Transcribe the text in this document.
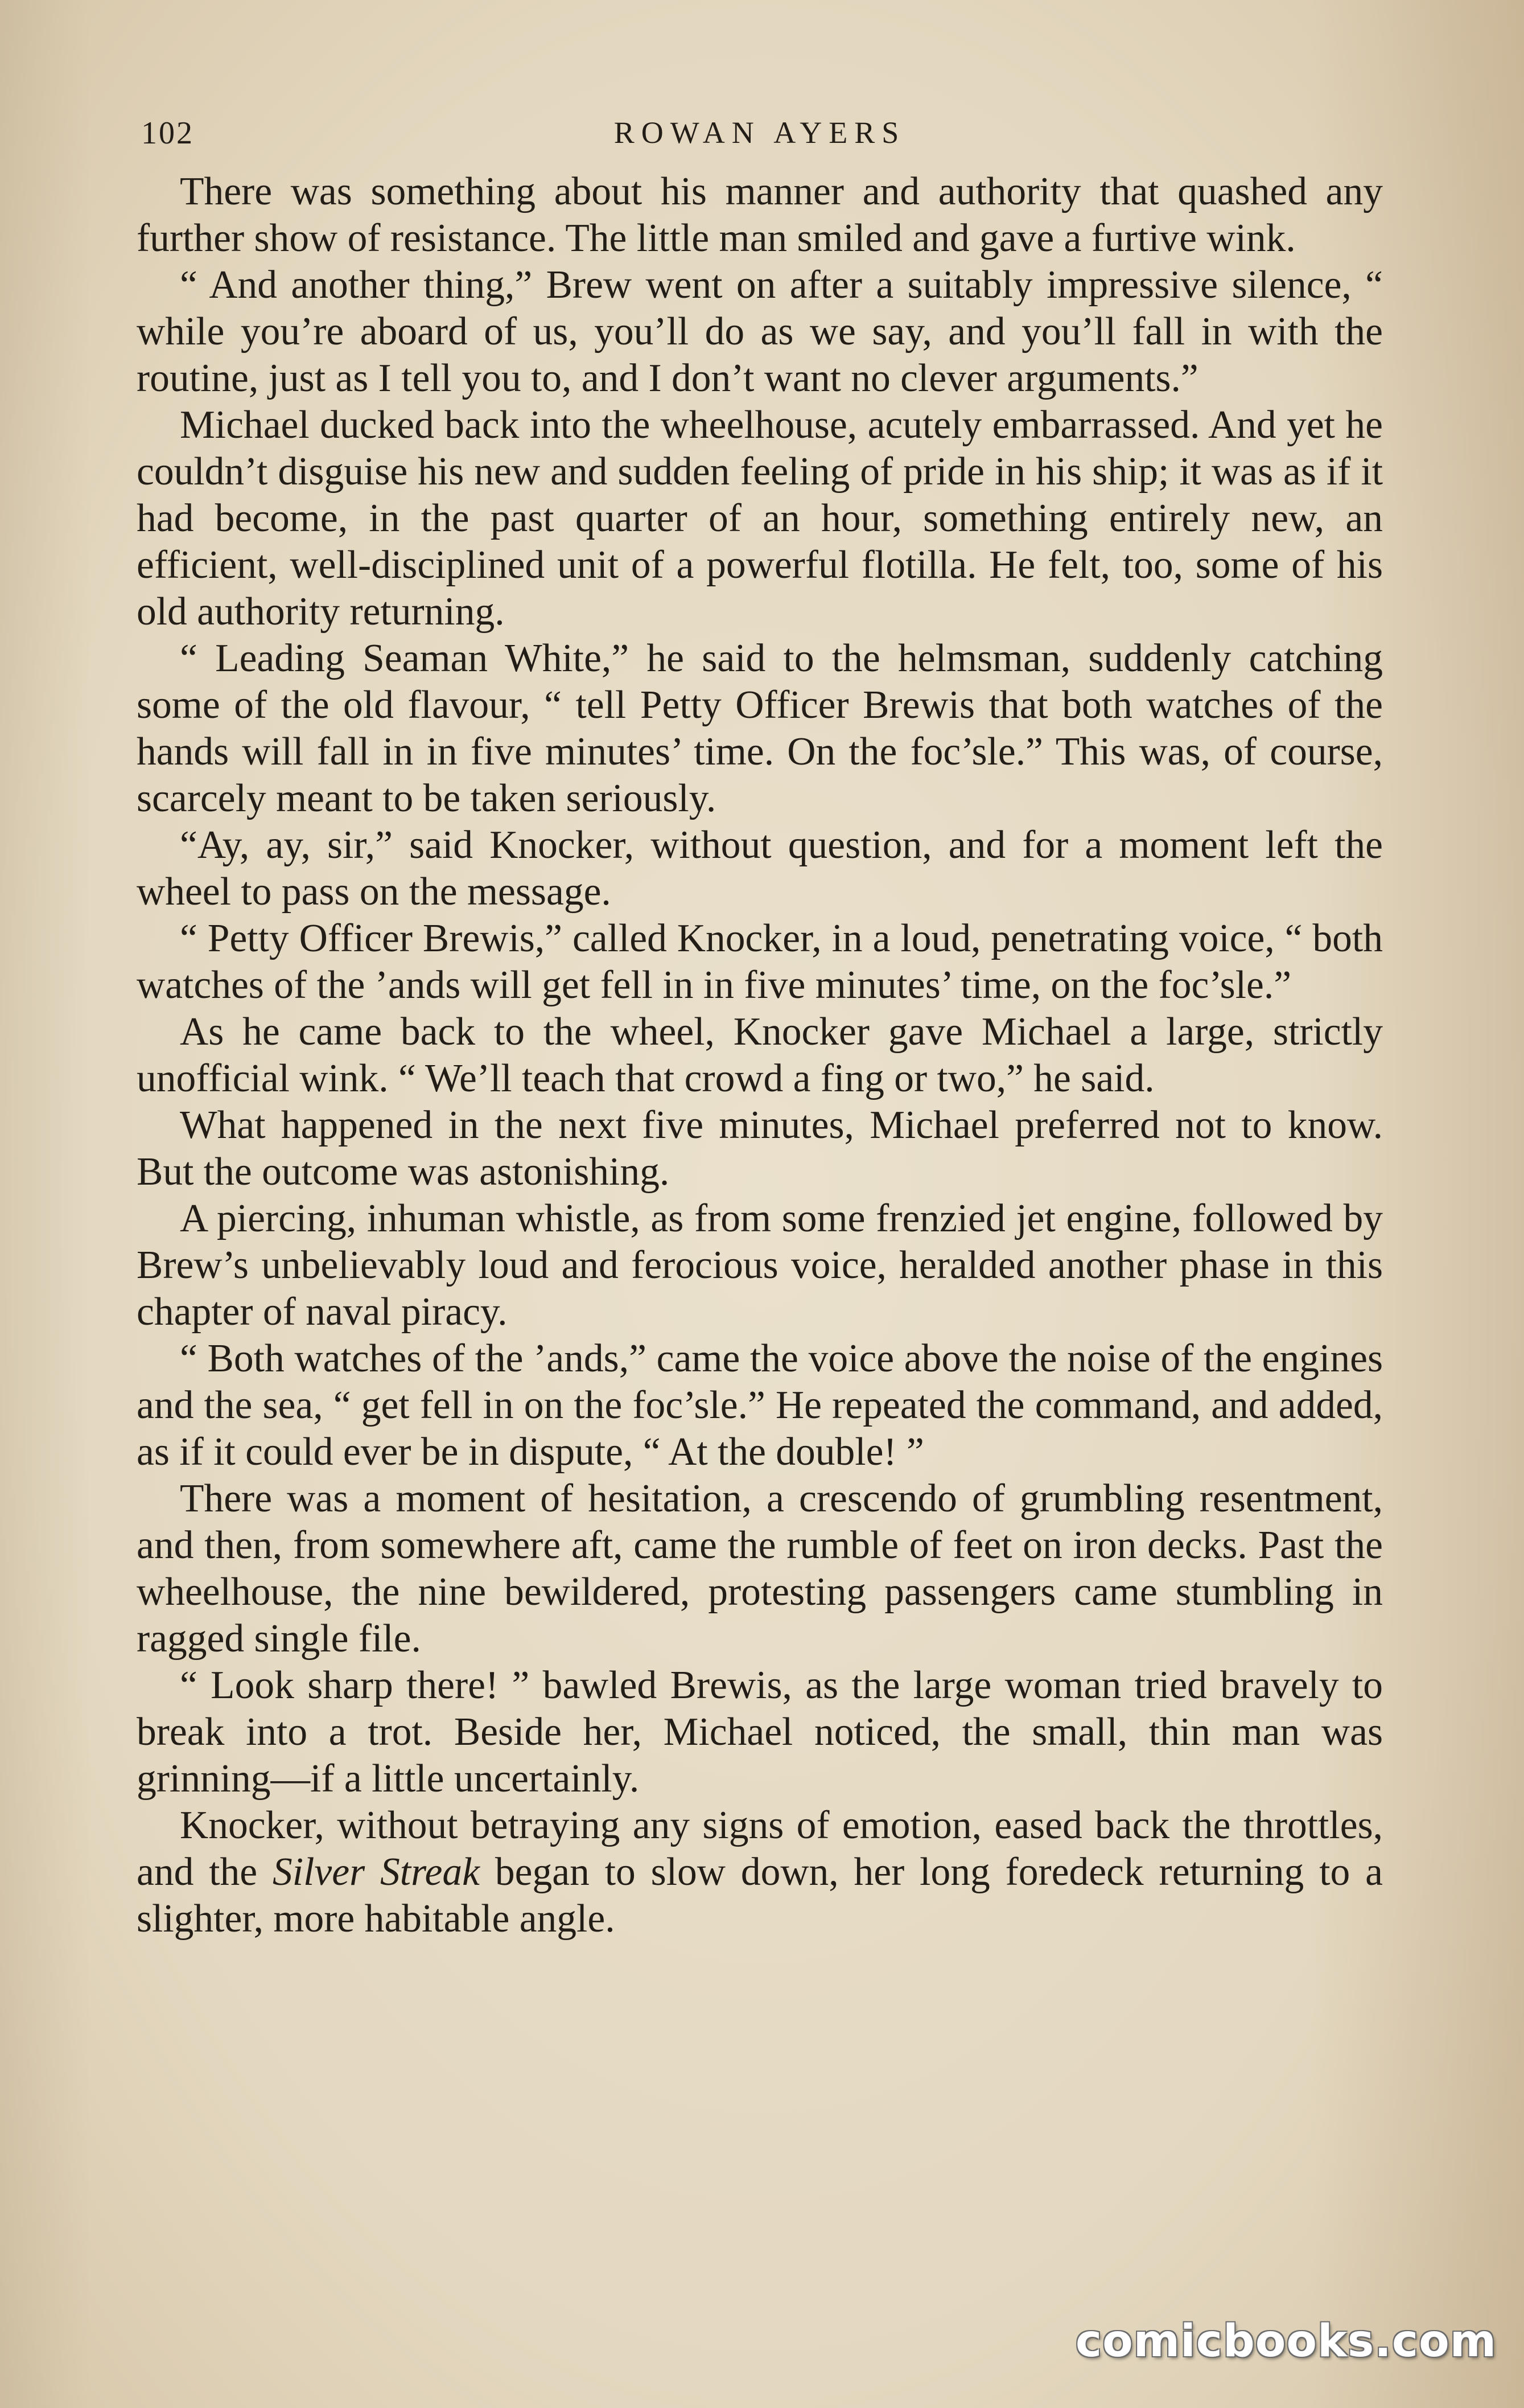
102	ROWAN AYERS

There was something about his manner and authority that quashed any further show of resistance. The little man smiled and gave a furtive wink.

“ And another thing,” Brew went on after a suitably impressive silence, “ while you’re aboard of us, you’ll do as we say, and you’ll fall in with the routine, just as I tell you to, and I don’t want no clever arguments.”

Michael ducked back into the wheelhouse, acutely embarrassed. And yet he couldn’t disguise his new and sudden feeling of pride in his ship; it was as if it had become, in the past quarter of an hour, something entirely new, an efficient, well-disciplined unit of a powerful flotilla. He felt, too, some of his old authority returning.

“ Leading Seaman White,” he said to the helmsman, suddenly catching some of the old flavour, “ tell Petty Officer Brewis that both watches of the hands will fall in in five minutes’ time. On the foc’sle.” This was, of course, scarcely meant to be taken seriously.

“Ay, ay, sir,” said Knocker, without question, and for a moment left the wheel to pass on the message.

“ Petty Officer Brewis,” called Knocker, in a loud, penetrating voice, “ both watches of the ’ands will get fell in in five minutes’ time, on the foc’sle.”

As he came back to the wheel, Knocker gave Michael a large, strictly unofficial wink. “ We’ll teach that crowd a fing or two,” he said.

What happened in the next five minutes, Michael preferred not to know. But the outcome was astonishing.

A piercing, inhuman whistle, as from some frenzied jet engine, followed by Brew’s unbelievably loud and ferocious voice, heralded another phase in this chapter of naval piracy.

“ Both watches of the ’ands,” came the voice above the noise of the engines and the sea, “ get fell in on the foc’sle.” He repeated the command, and added, as if it could ever be in dispute, “ At the double! ”

There was a moment of hesitation, a crescendo of grumbling resentment, and then, from somewhere aft, came the rumble of feet on iron decks. Past the wheelhouse, the nine bewildered, protesting passengers came stumbling in ragged single file.

“ Look sharp there! ” bawled Brewis, as the large woman tried bravely to break into a trot. Beside her, Michael noticed, the small, thin man was grinning—if a little uncertainly.

Knocker, without betraying any signs of emotion, eased back the throttles, and the Silver Streak began to slow down, her long foredeck returning to a slighter, more habitable angle.

comicbooks.com
